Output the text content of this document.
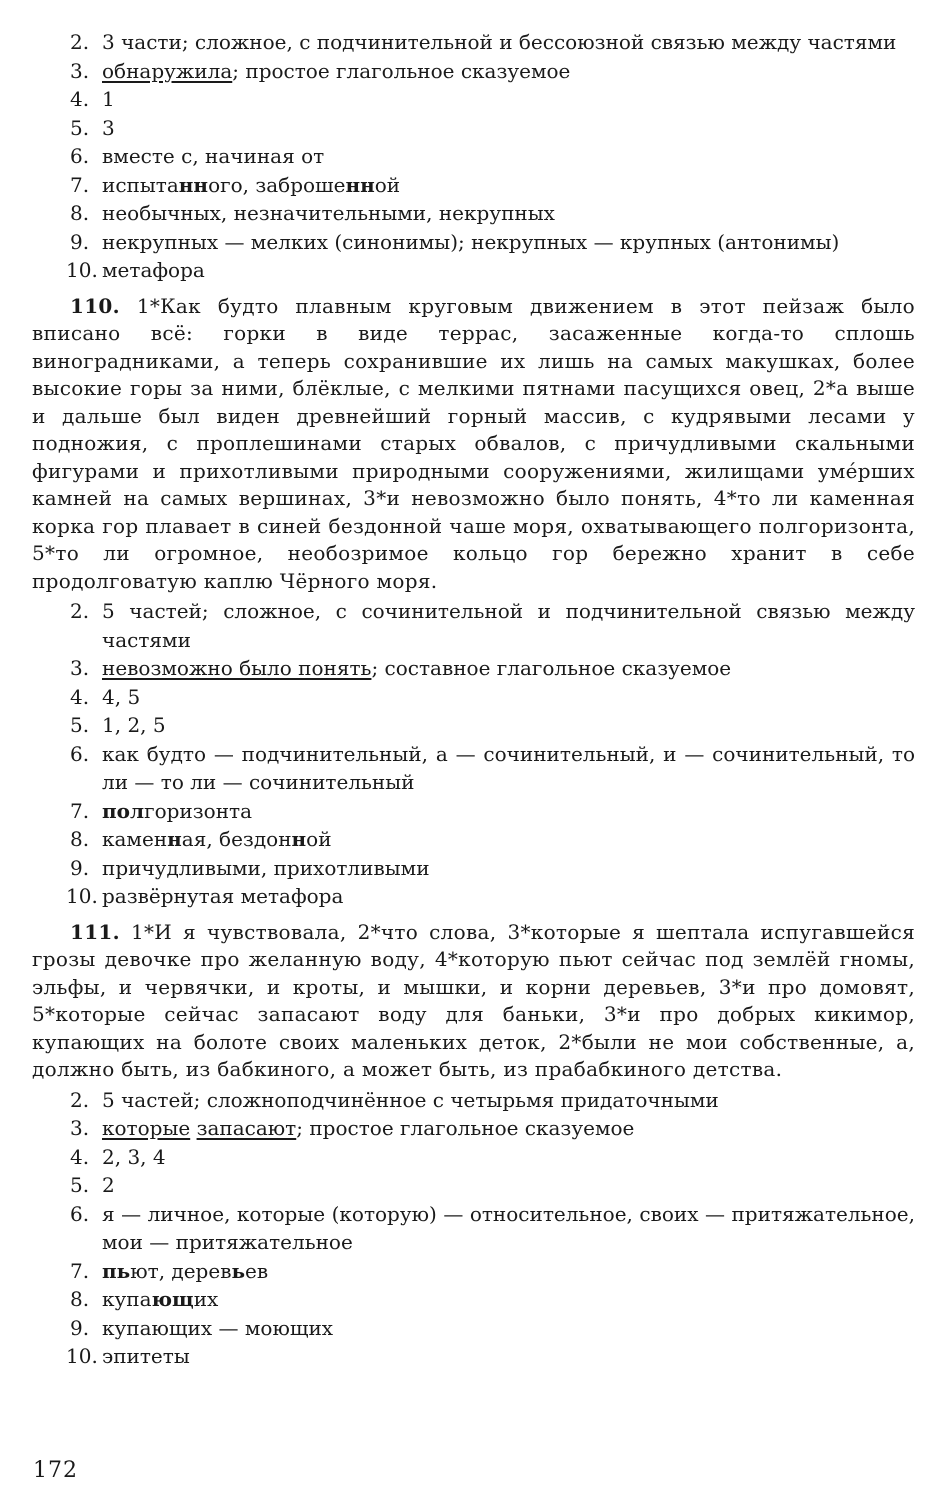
2. 3 части; сложное, с подчинительной и бессоюзной связью между частями

3. обнаружила; простое глагольное сказуемое

4. 1

5. 3

6. вместе с, начиная от

7. испытанного, заброшенной

8. необычных, незначительными, некрупных

9. некрупных — мелких (синонимы); некрупных — крупных (антонимы)

10. метафора

110. 1*Как будто плавным круговым движением в этот пейзаж было вписано всё: горки в виде террас, засаженные когда-то сплошь виноградниками, а теперь сохранившие их лишь на самых макушках, более высокие горы за ними, блёклые, с мелкими пятнами пасущихся овец, 2*а выше и дальше был виден древнейший горный массив, с кудрявыми лесами у подножия, с проплешинами старых обвалов, с причудливыми скальными фигурами и прихотливыми природными сооружениями, жилищами умéрших камней на самых вершинах, 3*и невозможно было понять, 4*то ли каменная корка гор плавает в синей бездонной чаше моря, охватывающего полгоризонта, 5*то ли огромное, необозримое кольцо гор бережно хранит в себе продолговатую каплю Чёрного моря.

2. 5 частей; сложное, с сочинительной и подчинительной связью между частями

3. невозможно было понять; составное глагольное сказуемое

4. 4, 5

5. 1, 2, 5

6. как будто — подчинительный, а — сочинительный, и — сочинительный, то ли — то ли — сочинительный

7. полгоризонта

8. каменная, бездонной

9. причудливыми, прихотливыми

10. развёрнутая метафора

111. 1*И я чувствовала, 2*что слова, 3*которые я шептала испугавшейся грозы девочке про желанную воду, 4*которую пьют сейчас под землёй гномы, эльфы, и червячки, и кроты, и мышки, и корни деревьев, 3*и про домовят, 5*которые сейчас запасают воду для баньки, 3*и про добрых кикимор, купающих на болоте своих маленьких деток, 2*были не мои собственные, а, должно быть, из бабкиного, а может быть, из прабабкиного детства.

2. 5 частей; сложноподчинённое с четырьмя придаточными

3. которые запасают; простое глагольное сказуемое

4. 2, 3, 4

5. 2

6. я — личное, которые (которую) — относительное, своих — притяжательное, мои — притяжательное

7. пьют, деревьев

8. купающих

9. купающих — моющих

10. эпитеты

172
